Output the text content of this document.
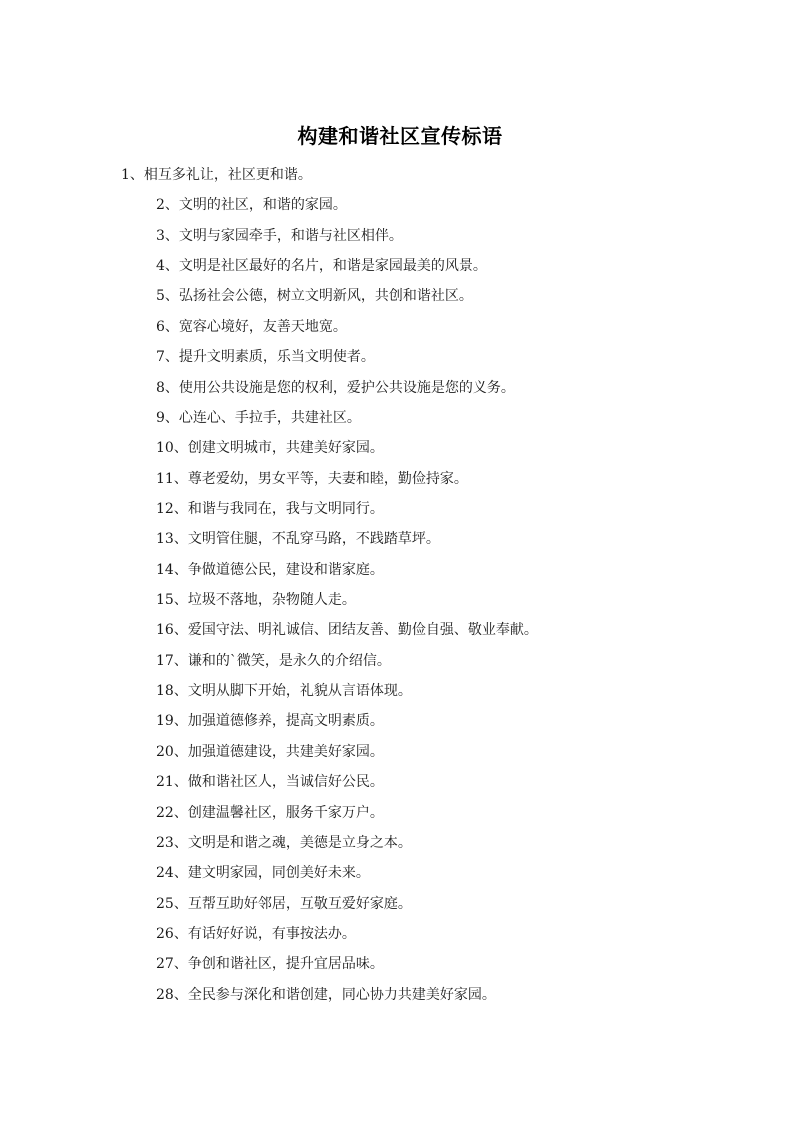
构建和谐社区宣传标语
1、相互多礼让，社区更和谐。
2、文明的社区，和谐的家园。
3、文明与家园牵手，和谐与社区相伴。
4、文明是社区最好的名片，和谐是家园最美的风景。
5、弘扬社会公德，树立文明新风，共创和谐社区。
6、宽容心境好，友善天地宽。
7、提升文明素质，乐当文明使者。
8、使用公共设施是您的权利，爱护公共设施是您的义务。
9、心连心、手拉手，共建社区。
10、创建文明城市，共建美好家园。
11、尊老爱幼，男女平等，夫妻和睦，勤俭持家。
12、和谐与我同在，我与文明同行。
13、文明管住腿，不乱穿马路，不践踏草坪。
14、争做道德公民，建设和谐家庭。
15、垃圾不落地，杂物随人走。
16、爱国守法、明礼诚信、团结友善、勤俭自强、敬业奉献。
17、谦和的`微笑，是永久的介绍信。
18、文明从脚下开始，礼貌从言语体现。
19、加强道德修养，提高文明素质。
20、加强道德建设，共建美好家园。
21、做和谐社区人，当诚信好公民。
22、创建温馨社区，服务千家万户。
23、文明是和谐之魂，美德是立身之本。
24、建文明家园，同创美好未来。
25、互帮互助好邻居，互敬互爱好家庭。
26、有话好好说，有事按法办。
27、争创和谐社区，提升宜居品味。
28、全民参与深化和谐创建，同心协力共建美好家园。
